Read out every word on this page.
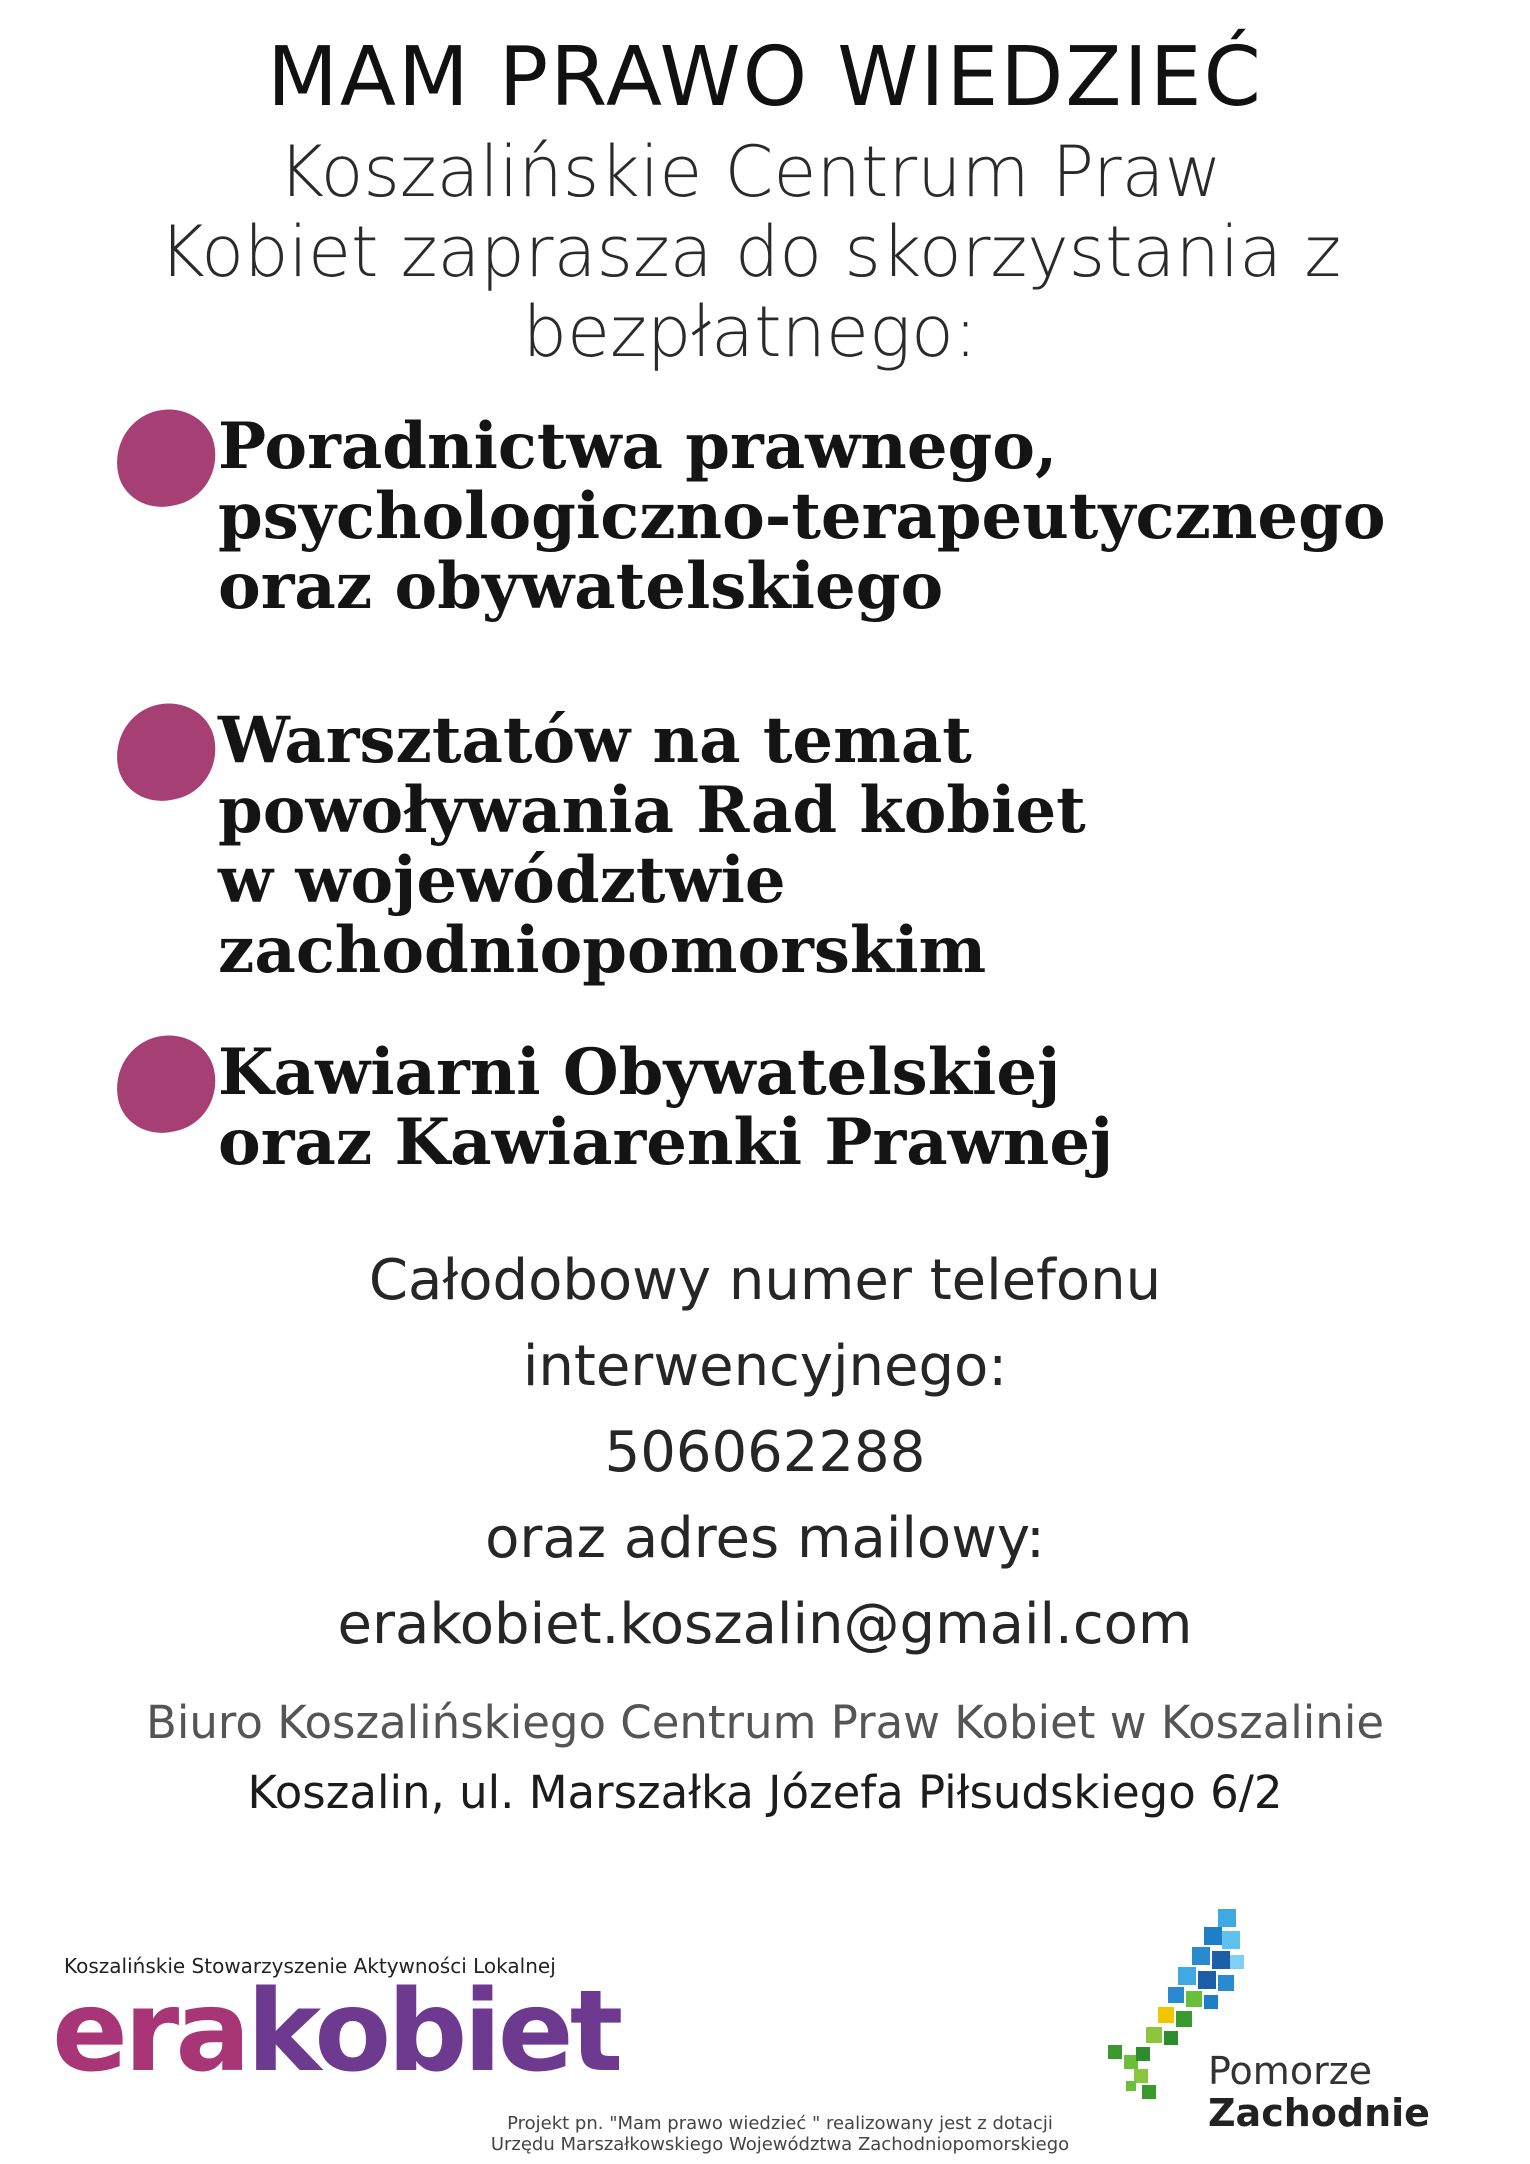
MAM PRAWO WIEDZIEĆ
Koszalińskie Centrum Praw
Kobiet zaprasza do skorzystania z
bezpłatnego:
Poradnictwa prawnego,
psychologiczno-terapeutycznego
oraz obywatelskiego
Warsztatów na temat
powoływania Rad kobiet
w województwie
zachodniopomorskim
Kawiarni Obywatelskiej
oraz Kawiarenki Prawnej
Całodobowy numer telefonu
interwencyjnego:
506062288
oraz adres mailowy:
erakobiet.koszalin@gmail.com
Biuro Koszalińskiego Centrum Praw Kobiet w Koszalinie
Koszalin, ul. Marszałka Józefa Piłsudskiego 6/2
Koszalińskie Stowarzyszenie Aktywności Lokalnej
erakobiet
Projekt pn. "Mam prawo wiedzieć " realizowany jest z dotacji
Urzędu Marszałkowskiego Województwa Zachodniopomorskiego
Pomorze
Zachodnie
